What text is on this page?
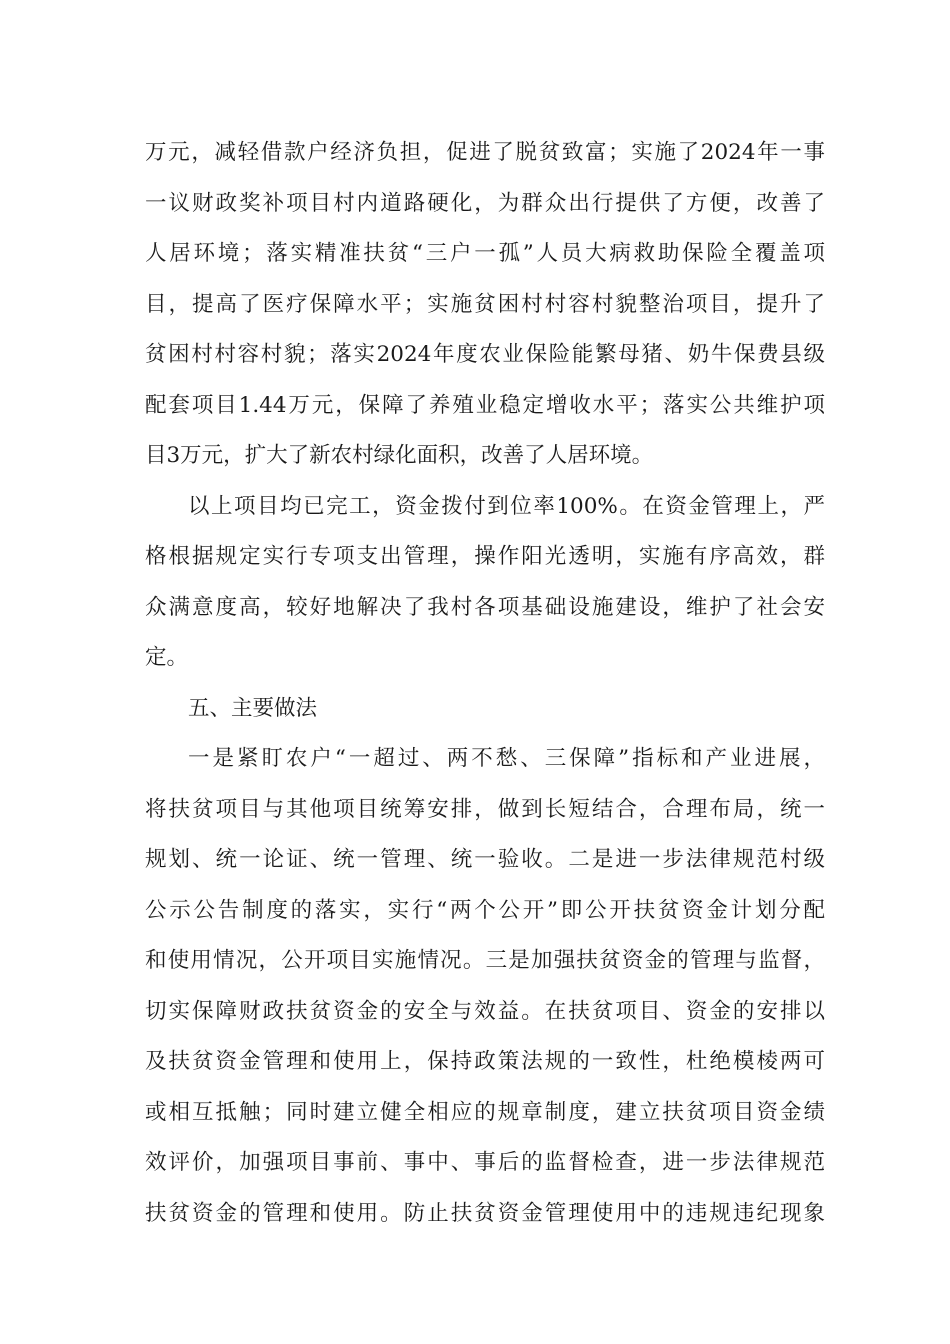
万元，减轻借款户经济负担，促进了脱贫致富；实施了2024年一事
一议财政奖补项目村内道路硬化，为群众出行提供了方便，改善了
人居环境；落实精准扶贫“三户一孤”人员大病救助保险全覆盖项
目，提高了医疗保障水平；实施贫困村村容村貌整治项目，提升了
贫困村村容村貌；落实2024年度农业保险能繁母猪、奶牛保费县级
配套项目1.44万元，保障了养殖业稳定增收水平；落实公共维护项
目3万元，扩大了新农村绿化面积，改善了人居环境。
以上项目均已完工，资金拨付到位率100%。在资金管理上，严
格根据规定实行专项支出管理，操作阳光透明，实施有序高效，群
众满意度高，较好地解决了我村各项基础设施建设，维护了社会安
定。
五、主要做法
一是紧盯农户“一超过、两不愁、三保障”指标和产业进展，
将扶贫项目与其他项目统筹安排，做到长短结合，合理布局，统一
规划、统一论证、统一管理、统一验收。二是进一步法律规范村级
公示公告制度的落实，实行“两个公开”即公开扶贫资金计划分配
和使用情况，公开项目实施情况。三是加强扶贫资金的管理与监督，
切实保障财政扶贫资金的安全与效益。在扶贫项目、资金的安排以
及扶贫资金管理和使用上，保持政策法规的一致性，杜绝模棱两可
或相互抵触；同时建立健全相应的规章制度，建立扶贫项目资金绩
效评价，加强项目事前、事中、事后的监督检查，进一步法律规范
扶贫资金的管理和使用。防止扶贫资金管理使用中的违规违纪现象
